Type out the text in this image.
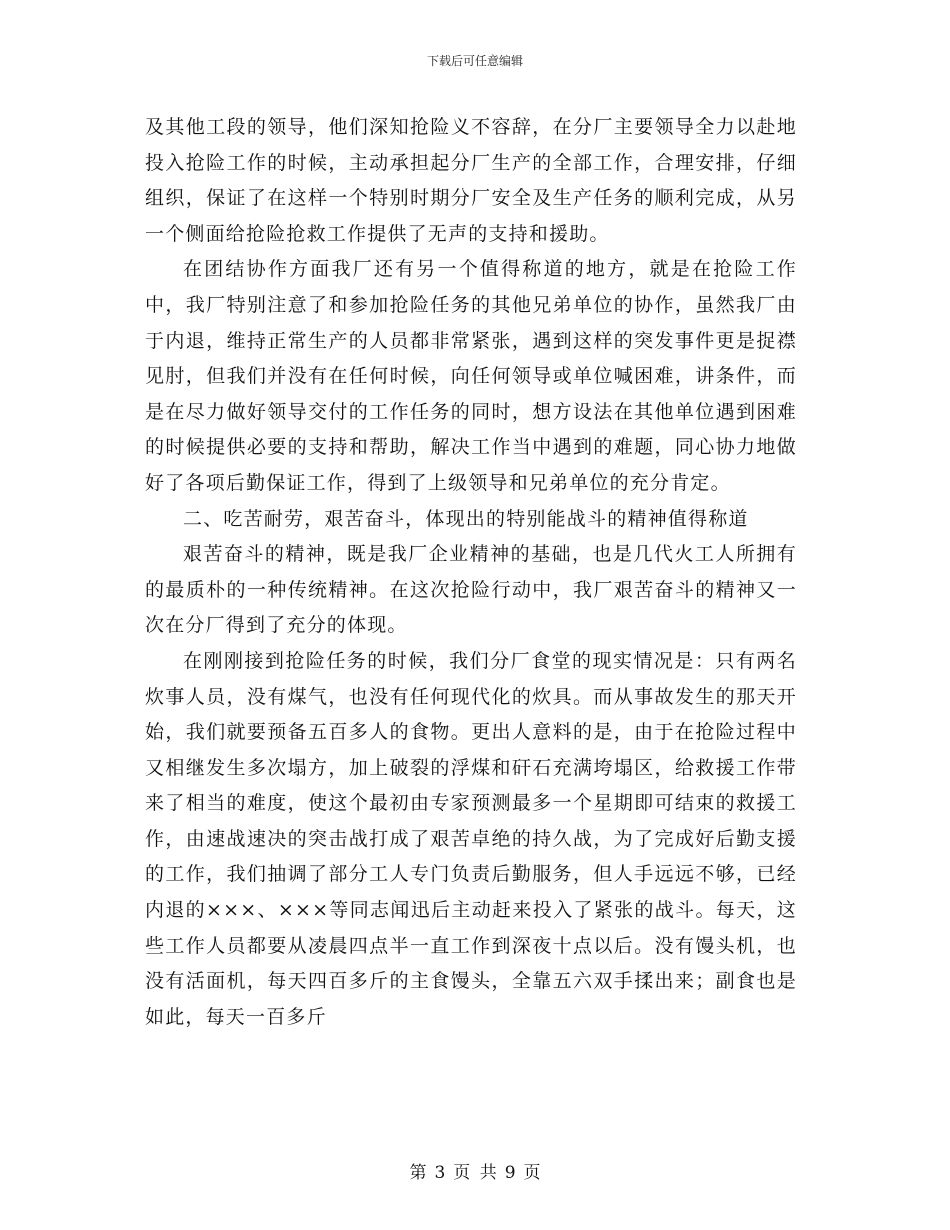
下载后可任意编辑

及其他工段的领导，他们深知抢险义不容辞，在分厂主要领导全力以赴地投入抢险工作的时候，主动承担起分厂生产的全部工作，合理安排，仔细组织，保证了在这样一个特别时期分厂安全及生产任务的顺利完成，从另一个侧面给抢险抢救工作提供了无声的支持和援助。

在团结协作方面我厂还有另一个值得称道的地方，就是在抢险工作中，我厂特别注意了和参加抢险任务的其他兄弟单位的协作，虽然我厂由于内退，维持正常生产的人员都非常紧张，遇到这样的突发事件更是捉襟见肘，但我们并没有在任何时候，向任何领导或单位喊困难，讲条件，而是在尽力做好领导交付的工作任务的同时，想方设法在其他单位遇到困难的时候提供必要的支持和帮助，解决工作当中遇到的难题，同心协力地做好了各项后勤保证工作，得到了上级领导和兄弟单位的充分肯定。

二、吃苦耐劳，艰苦奋斗，体现出的特别能战斗的精神值得称道

艰苦奋斗的精神，既是我厂企业精神的基础，也是几代火工人所拥有的最质朴的一种传统精神。在这次抢险行动中，我厂艰苦奋斗的精神又一次在分厂得到了充分的体现。

在刚刚接到抢险任务的时候，我们分厂食堂的现实情况是：只有两名炊事人员，没有煤气，也没有任何现代化的炊具。而从事故发生的那天开始，我们就要预备五百多人的食物。更出人意料的是，由于在抢险过程中又相继发生多次塌方，加上破裂的浮煤和矸石充满垮塌区，给救援工作带来了相当的难度，使这个最初由专家预测最多一个星期即可结束的救援工作，由速战速决的突击战打成了艰苦卓绝的持久战，为了完成好后勤支援的工作，我们抽调了部分工人专门负责后勤服务，但人手远远不够，已经内退的×××、×××等同志闻迅后主动赶来投入了紧张的战斗。每天，这些工作人员都要从凌晨四点半一直工作到深夜十点以后。没有馒头机，也没有活面机，每天四百多斤的主食馒头，全靠五六双手揉出来；副食也是如此，每天一百多斤

第 3 页 共 9 页
